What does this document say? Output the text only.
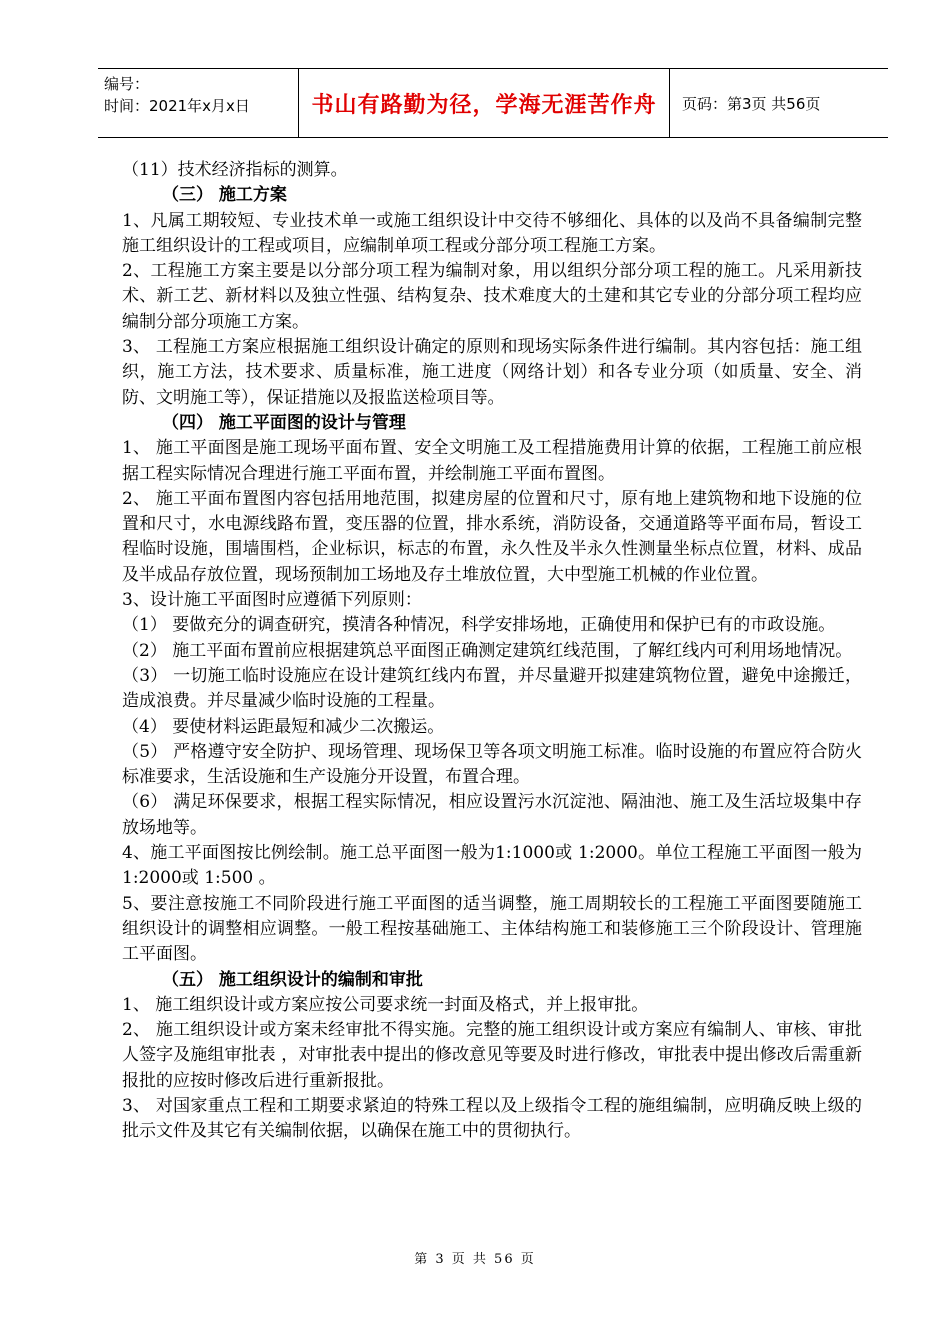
编号：
时间：2021年x月x日	书山有路勤为径，学海无涯苦作舟	页码：第3页 共56页

（11）技术经济指标的测算。

（三） 施工方案

1、凡属工期较短、专业技术单一或施工组织设计中交待不够细化、具体的以及尚不具备编制完整施工组织设计的工程或项目，应编制单项工程或分部分项工程施工方案。

2、工程施工方案主要是以分部分项工程为编制对象，用以组织分部分项工程的施工。凡采用新技术、新工艺、新材料以及独立性强、结构复杂、技术难度大的土建和其它专业的分部分项工程均应编制分部分项施工方案。

3、 工程施工方案应根据施工组织设计确定的原则和现场实际条件进行编制。其内容包括：施工组织，施工方法，技术要求、质量标准，施工进度（网络计划）和各专业分项（如质量、安全、消防、文明施工等），保证措施以及报监送检项目等。

（四） 施工平面图的设计与管理

1、 施工平面图是施工现场平面布置、安全文明施工及工程措施费用计算的依据，工程施工前应根据工程实际情况合理进行施工平面布置，并绘制施工平面布置图。

2、 施工平面布置图内容包括用地范围，拟建房屋的位置和尺寸，原有地上建筑物和地下设施的位置和尺寸，水电源线路布置，变压器的位置，排水系统，消防设备，交通道路等平面布局，暂设工程临时设施，围墙围档，企业标识，标志的布置，永久性及半永久性测量坐标点位置，材料、成品及半成品存放位置，现场预制加工场地及存土堆放位置，大中型施工机械的作业位置。

3、设计施工平面图时应遵循下列原则：

（1） 要做充分的调查研究，摸清各种情况，科学安排场地，正确使用和保护已有的市政设施。

（2） 施工平面布置前应根据建筑总平面图正确测定建筑红线范围，了解红线内可利用场地情况。

（3） 一切施工临时设施应在设计建筑红线内布置，并尽量避开拟建建筑物位置，避免中途搬迁，造成浪费。并尽量减少临时设施的工程量。

（4） 要使材料运距最短和减少二次搬运。

（5） 严格遵守安全防护、现场管理、现场保卫等各项文明施工标准。临时设施的布置应符合防火标准要求，生活设施和生产设施分开设置，布置合理。

（6） 满足环保要求，根据工程实际情况，相应设置污水沉淀池、隔油池、施工及生活垃圾集中存放场地等。

4、施工平面图按比例绘制。施工总平面图一般为1:1000或 1:2000。单位工程施工平面图一般为 1:2000或 1:500 。

5、要注意按施工不同阶段进行施工平面图的适当调整，施工周期较长的工程施工平面图要随施工组织设计的调整相应调整。一般工程按基础施工、主体结构施工和装修施工三个阶段设计、管理施工平面图。

（五） 施工组织设计的编制和审批

1、 施工组织设计或方案应按公司要求统一封面及格式，并上报审批。

2、 施工组织设计或方案未经审批不得实施。完整的施工组织设计或方案应有编制人、审核、审批人签字及施组审批表 ，对审批表中提出的修改意见等要及时进行修改，审批表中提出修改后需重新报批的应按时修改后进行重新报批。

3、 对国家重点工程和工期要求紧迫的特殊工程以及上级指令工程的施组编制，应明确反映上级的批示文件及其它有关编制依据，以确保在施工中的贯彻执行。

第 3 页 共 56 页
